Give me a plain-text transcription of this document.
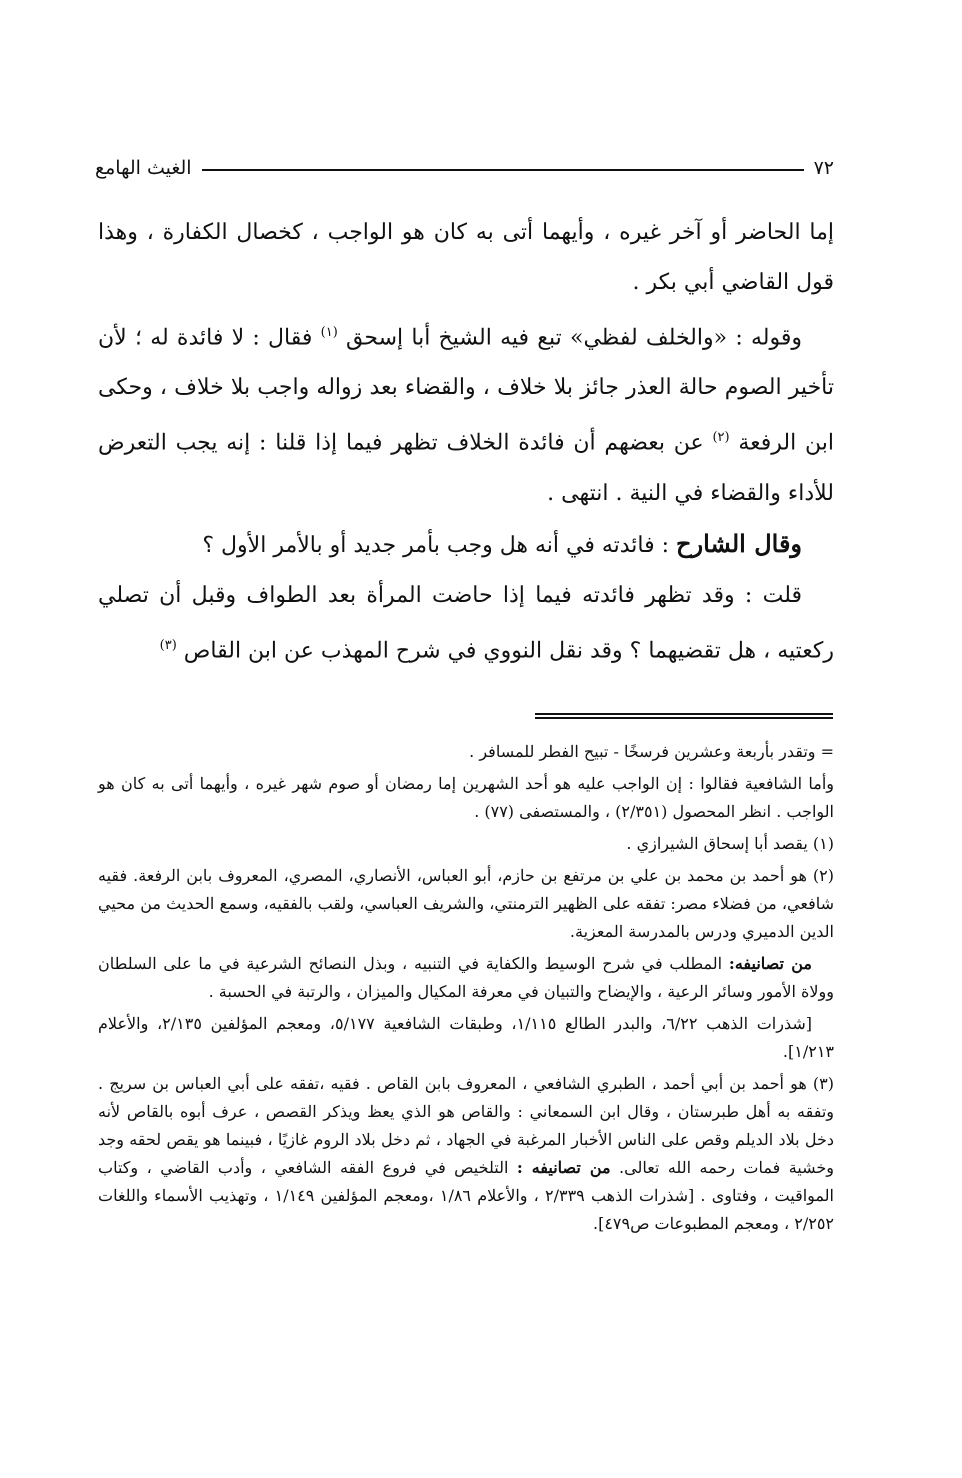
٧٢
الغيث الهامع

إما الحاضر أو آخر غيره ، وأيهما أتى به كان هو الواجب ، كخصال الكفارة ، وهذا قول القاضي أبي بكر .

وقوله : «والخلف لفظي» تبع فيه الشيخ أبا إسحق $^{(١)}$ فقال : لا فائدة له ؛ لأن تأخير الصوم حالة العذر جائز بلا خلاف ، والقضاء بعد زواله واجب بلا خلاف ، وحكى ابن الرفعة $^{(٢)}$ عن بعضهم أن فائدة الخلاف تظهر فيما إذا قلنا : إنه يجب التعرض للأداء والقضاء في النية . انتهى .

وقال الشارح : فائدته في أنه هل وجب بأمر جديد أو بالأمر الأول ؟

قلت : وقد تظهر فائدته فيما إذا حاضت المرأة بعد الطواف وقبل أن تصلي ركعتيه ، هل تقضيهما ؟ وقد نقل النووي في شرح المهذب عن ابن القاص $^{(٣)}$

= وتقدر بأربعة وعشرين فرسخًا - تبيح الفطر للمسافر .

وأما الشافعية فقالوا : إن الواجب عليه هو أحد الشهرين إما رمضان أو صوم شهر غيره ، وأيهما أتى به كان هو الواجب . انظر المحصول (٢/٣٥١) ، والمستصفى (٧٧) .

(١) يقصد أبا إسحاق الشيرازي .

(٢) هو أحمد بن محمد بن علي بن مرتفع بن حازم، أبو العباس، الأنصاري، المصري، المعروف بابن الرفعة. فقيه شافعي، من فضلاء مصر: تفقه على الظهير الترمنتي، والشريف العباسي، ولقب بالفقيه، وسمع الحديث من محيي الدين الدميري ودرس بالمدرسة المعزية.

من تصانيفه: المطلب في شرح الوسيط والكفاية في التنبيه ، وبذل النصائح الشرعية في ما على السلطان وولاة الأمور وسائر الرعية ، والإيضاح والتبيان في معرفة المكيال والميزان ، والرتبة في الحسبة .

[شذرات الذهب ٦/٢٢، والبدر الطالع ١/١١٥، وطبقات الشافعية ٥/١٧٧، ومعجم المؤلفين ٢/١٣٥، والأعلام ١/٢١٣].

(٣) هو أحمد بن أبي أحمد ، الطبري الشافعي ، المعروف بابن القاص . فقيه ،تفقه على أبي العباس بن سريج . وتفقه به أهل طبرستان ، وقال ابن السمعاني : والقاص هو الذي يعظ ويذكر القصص ، عرف أبوه بالقاص لأنه دخل بلاد الديلم وقص على الناس الأخبار المرغبة في الجهاد ، ثم دخل بلاد الروم غازيًا ، فبينما هو يقص لحقه وجد وخشية فمات رحمه الله تعالى. من تصانيفه : التلخيص في فروع الفقه الشافعي ، وأدب القاضي ، وكتاب المواقيت ، وفتاوى . [شذرات الذهب ٢/٣٣٩ ، والأعلام ١/٨٦ ،ومعجم المؤلفين ١/١٤٩ ، وتهذيب الأسماء واللغات ٢/٢٥٢ ، ومعجم المطبوعات ص٤٧٩].
